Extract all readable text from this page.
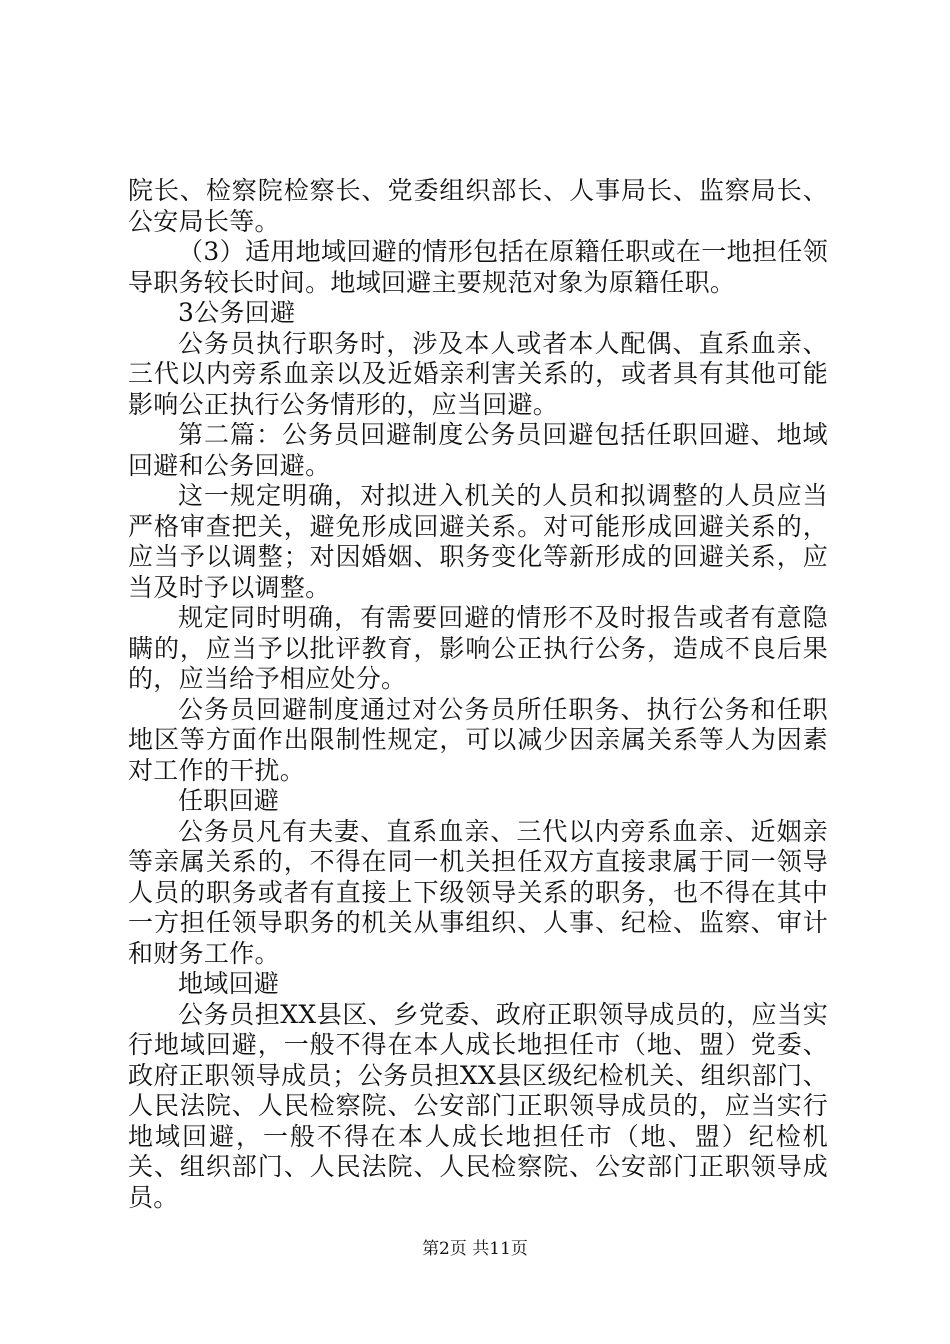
院长、检察院检察长、党委组织部长、人事局长、监察局长、公安局长等。

（3）适用地域回避的情形包括在原籍任职或在一地担任领导职务较长时间。地域回避主要规范对象为原籍任职。

3公务回避

公务员执行职务时，涉及本人或者本人配偶、直系血亲、三代以内旁系血亲以及近婚亲利害关系的，或者具有其他可能影响公正执行公务情形的，应当回避。

第二篇：公务员回避制度公务员回避包括任职回避、地域回避和公务回避。

这一规定明确，对拟进入机关的人员和拟调整的人员应当严格审查把关，避免形成回避关系。对可能形成回避关系的，应当予以调整；对因婚姻、职务变化等新形成的回避关系，应当及时予以调整。

规定同时明确，有需要回避的情形不及时报告或者有意隐瞒的，应当予以批评教育，影响公正执行公务，造成不良后果的，应当给予相应处分。

公务员回避制度通过对公务员所任职务、执行公务和任职地区等方面作出限制性规定，可以减少因亲属关系等人为因素对工作的干扰。

任职回避

公务员凡有夫妻、直系血亲、三代以内旁系血亲、近姻亲等亲属关系的，不得在同一机关担任双方直接隶属于同一领导人员的职务或者有直接上下级领导关系的职务，也不得在其中一方担任领导职务的机关从事组织、人事、纪检、监察、审计和财务工作。

地域回避

公务员担XX县区、乡党委、政府正职领导成员的，应当实行地域回避，一般不得在本人成长地担任市（地、盟）党委、政府正职领导成员；公务员担XX县区级纪检机关、组织部门、人民法院、人民检察院、公安部门正职领导成员的，应当实行地域回避，一般不得在本人成长地担任市（地、盟）纪检机关、组织部门、人民法院、人民检察院、公安部门正职领导成员。

第2页 共11页
